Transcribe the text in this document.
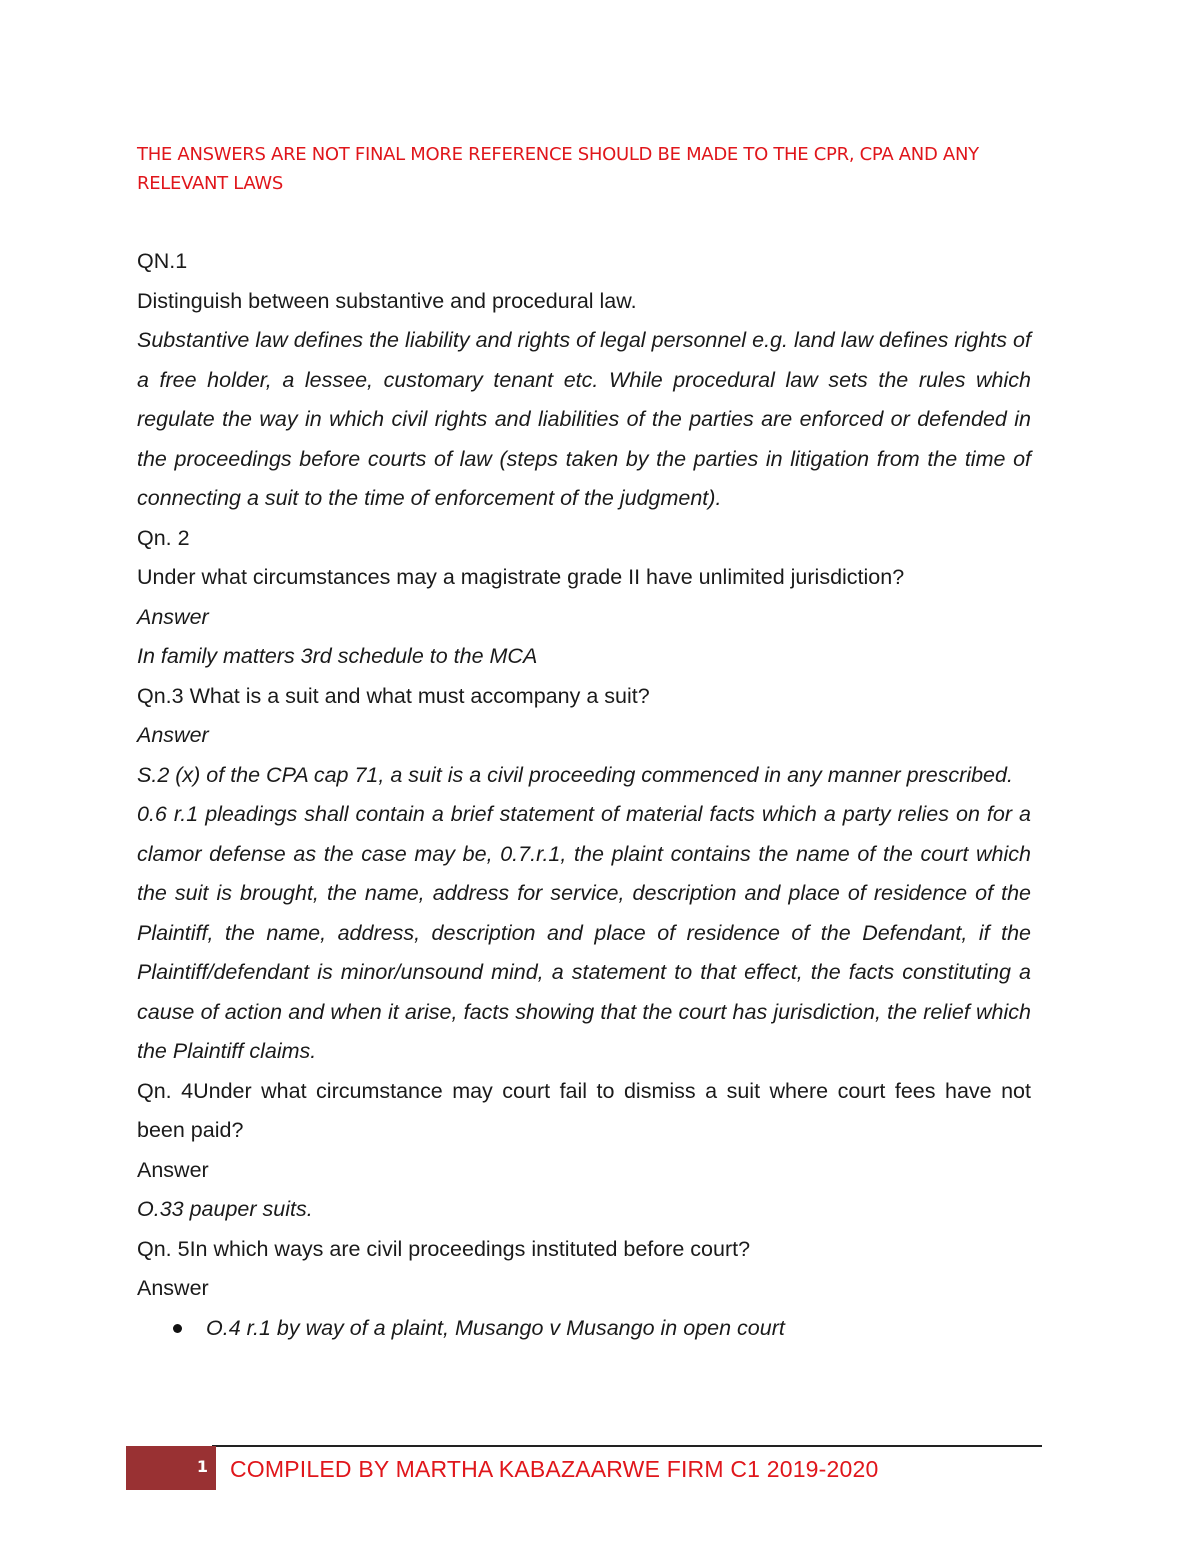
THE ANSWERS ARE NOT FINAL MORE REFERENCE SHOULD BE MADE TO THE CPR, CPA AND ANY RELEVANT LAWS

QN.1

Distinguish between substantive and procedural law.

Substantive law defines the liability and rights of legal personnel e.g. land law defines rights of a free holder, a lessee, customary tenant etc. While procedural law sets the rules which regulate the way in which civil rights and liabilities of the parties are enforced or defended in the proceedings before courts of law (steps taken by the parties in litigation from the time of connecting a suit to the time of enforcement of the judgment).

Qn. 2

Under what circumstances may a magistrate grade II have unlimited jurisdiction?

Answer

In family matters 3rd schedule to the MCA

Qn.3 What is a suit and what must accompany a suit?

Answer

S.2 (x) of the CPA cap 71, a suit is a civil proceeding commenced in any manner prescribed.

0.6 r.1 pleadings shall contain a brief statement of material facts which a party relies on for a clamor defense as the case may be, 0.7.r.1, the plaint contains the name of the court which the suit is brought, the name, address for service, description and place of residence of the Plaintiff, the name, address, description and place of residence of the Defendant, if the Plaintiff/defendant is minor/unsound mind, a statement to that effect, the facts constituting a cause of action and when it arise, facts showing that the court has jurisdiction, the relief which the Plaintiff claims.

Qn. 4Under what circumstance may court fail to dismiss a suit where court fees have not been paid?

Answer

O.33 pauper suits.

Qn. 5In which ways are civil proceedings instituted before court?

Answer

O.4 r.1 by way of a plaint, Musango v Musango in open court
1 COMPILED BY MARTHA KABAZAARWE FIRM C1 2019-2020
